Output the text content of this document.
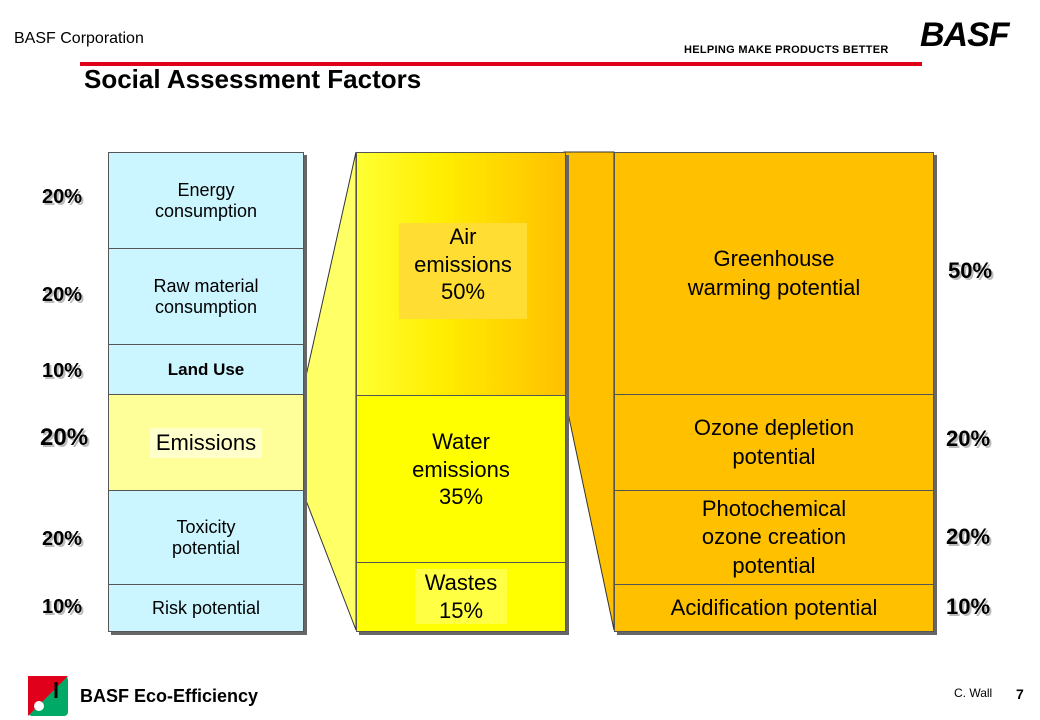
BASF Corporation
HELPING MAKE PRODUCTS BETTER BASF
Social Assessment Factors
Energy
consumption
Raw material
consumption
Land Use
Emissions
Toxicity
potential
Risk potential
20%
20%
10%
20%
20%
10%
Air
emissions
50%
Water
emissions
35%
Wastes
15%
Greenhouse
warming potential
Ozone depletion
potential
Photochemical
ozone creation
potential
Acidification potential
50%
20%
20%
10%
BASF Eco-Efficiency	C. Wall 7
